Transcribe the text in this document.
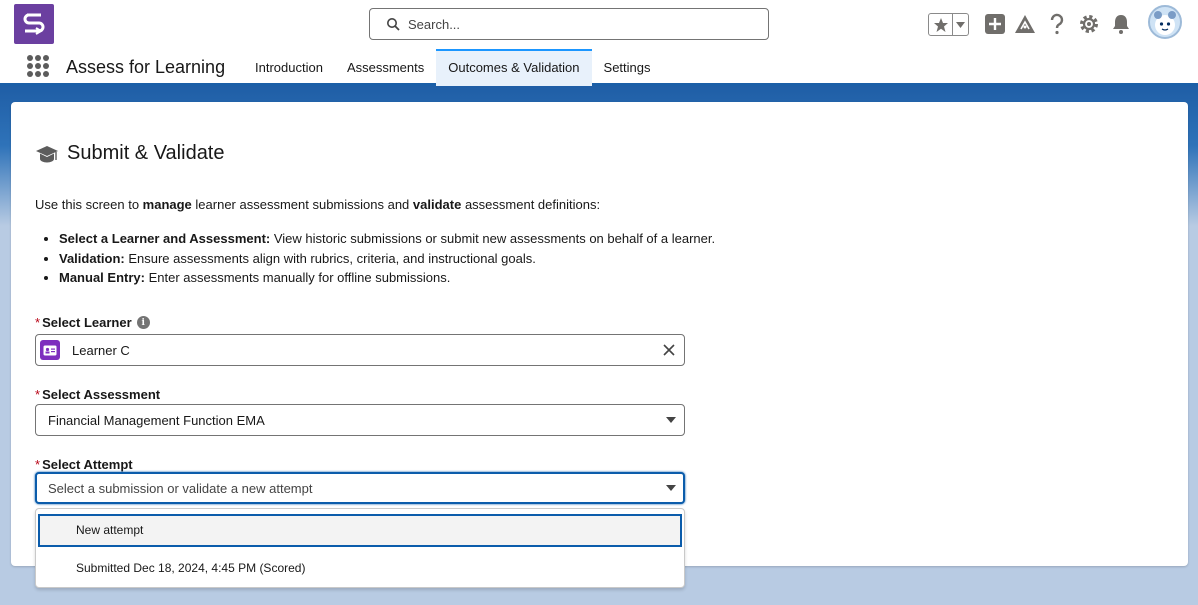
Search...
Assess for Learning	Introduction	Assessments	Outcomes & Validation	Settings
Submit & Validate

Use this screen to manage learner assessment submissions and validate assessment definitions:

• Select a Learner and Assessment: View historic submissions or submit new assessments on behalf of a learner.
• Validation: Ensure assessments align with rubrics, criteria, and instructional goals.
• Manual Entry: Enter assessments manually for offline submissions.
* Select Learner	i
Learner C
* Select Assessment
Financial Management Function EMA
* Select Attempt
Select a submission or validate a new attempt
New attempt
Submitted Dec 18, 2024, 4:45 PM (Scored)
